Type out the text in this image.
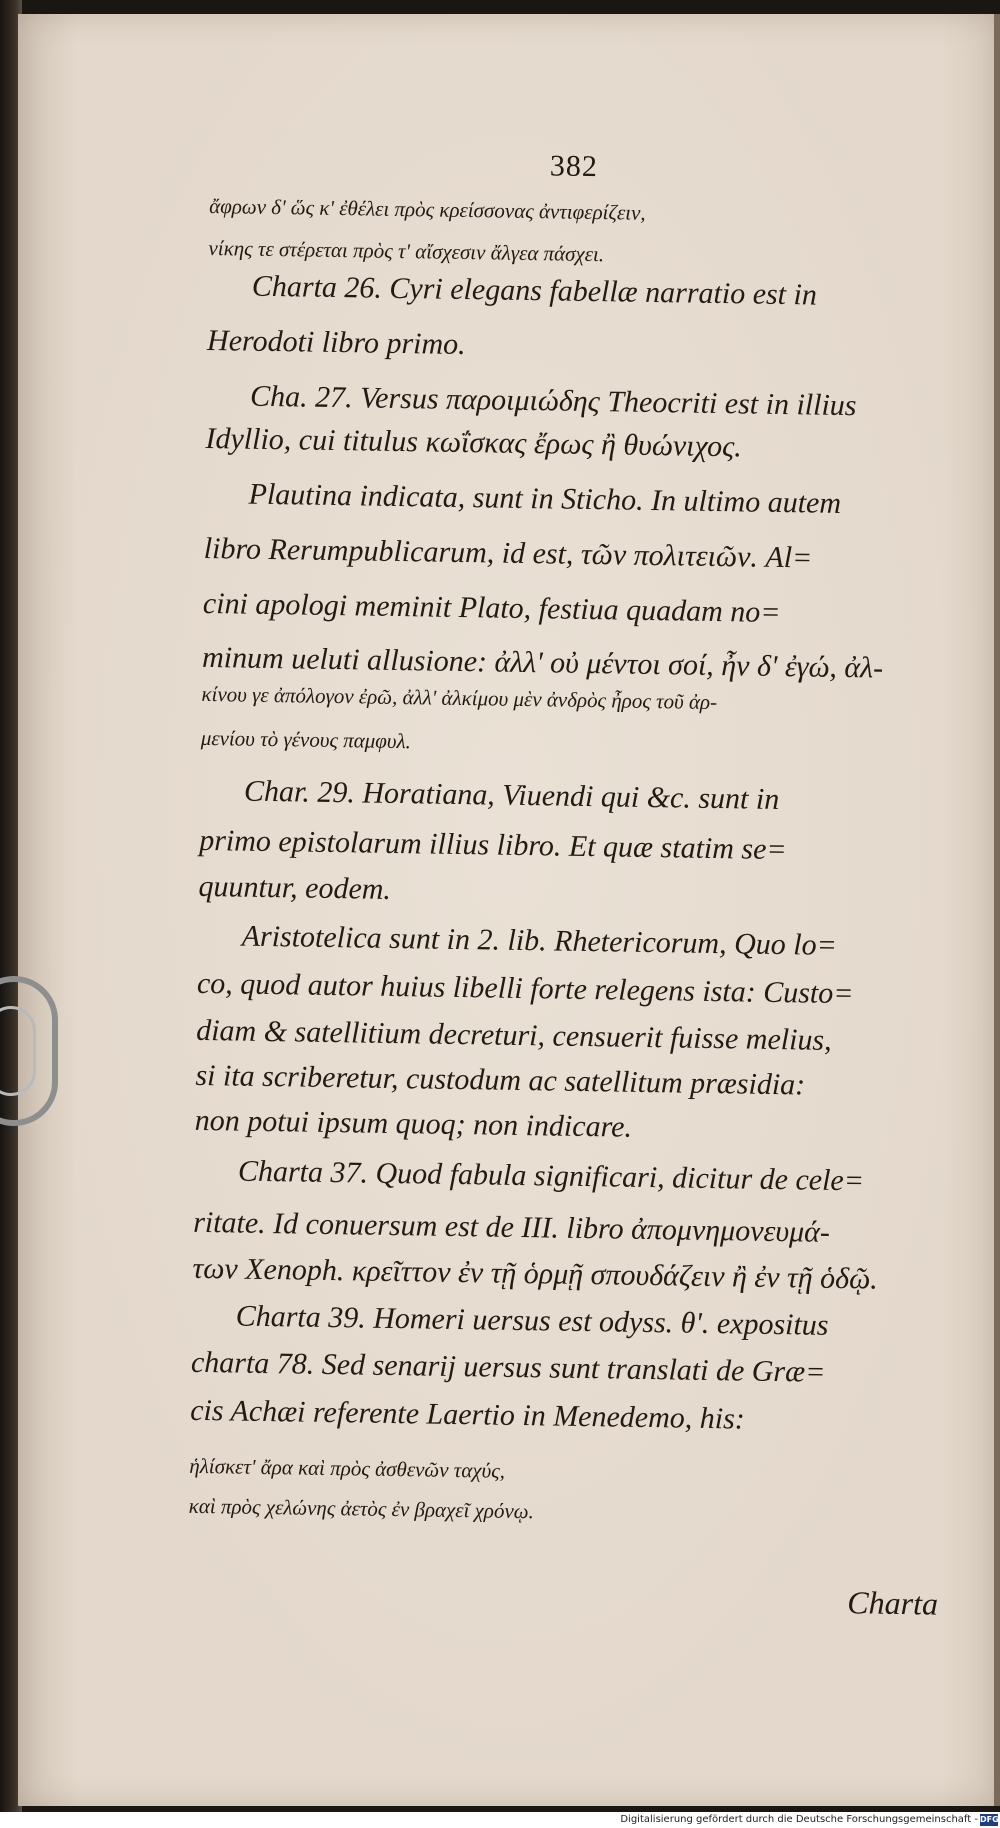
382
ἄφρων δ' ὥς κ' ἐθέλει πρὸς κρείσσονας ἀντιφερίζειν,
νίκης τε στέρεται πρὸς τ' αἴσχεσιν ἄλγεα πάσχει.
Charta 26. Cyri elegans fabellæ narratio est in
Herodoti libro primo.
Cha. 27. Versus παροιμιώδης Theocriti est in illius
Idyllio, cui titulus κωΐσκας ἔρως ἢ θυώνιχος.
Plautina indicata, sunt in Sticho. In ultimo autem
libro Rerumpublicarum, id est, τῶν πολιτειῶν. Al=
cini apologi meminit Plato, festiua quadam no=
minum ueluti allusione: ἀλλ' οὐ μέντοι σοί, ἦν δ' ἐγώ, ἀλ-
κίνου γε ἀπόλογον ἐρῶ, ἀλλ' ἀλκίμου μὲν ἀνδρὸς ἦρος τοῦ ἀρ-
μενίου τὸ γένους παμφυλ.
Char. 29. Horatiana, Viuendi qui &c. sunt in
primo epistolarum illius libro. Et quæ statim se=
quuntur, eodem.
Aristotelica sunt in 2. lib. Rhetericorum, Quo lo=
co, quod autor huius libelli forte relegens ista: Custo=
diam & satellitium decreturi, censuerit fuisse melius,
si ita scriberetur, custodum ac satellitum præsidia:
non potui ipsum quoq; non indicare.
Charta 37. Quod fabula significari, dicitur de cele=
ritate. Id conuersum est de III. libro ἀπομνημονευμά-
των Xenoph. κρεῖττον ἐν τῇ ὁρμῇ σπουδάζειν ἢ ἐν τῇ ὁδῷ.
Charta 39. Homeri uersus est odyss. θ'. expositus
charta 78. Sed senarij uersus sunt translati de Græ=
cis Achæi referente Laertio in Menedemo, his:
ἡλίσκετ' ἄρα καὶ πρὸς ἀσθενῶν ταχύς,
καὶ πρὸς χελώνης ἀετὸς ἐν βραχεῖ χρόνῳ.
Charta
Digitalisierung gefördert durch die Deutsche Forschungsgemeinschaft - DFG
